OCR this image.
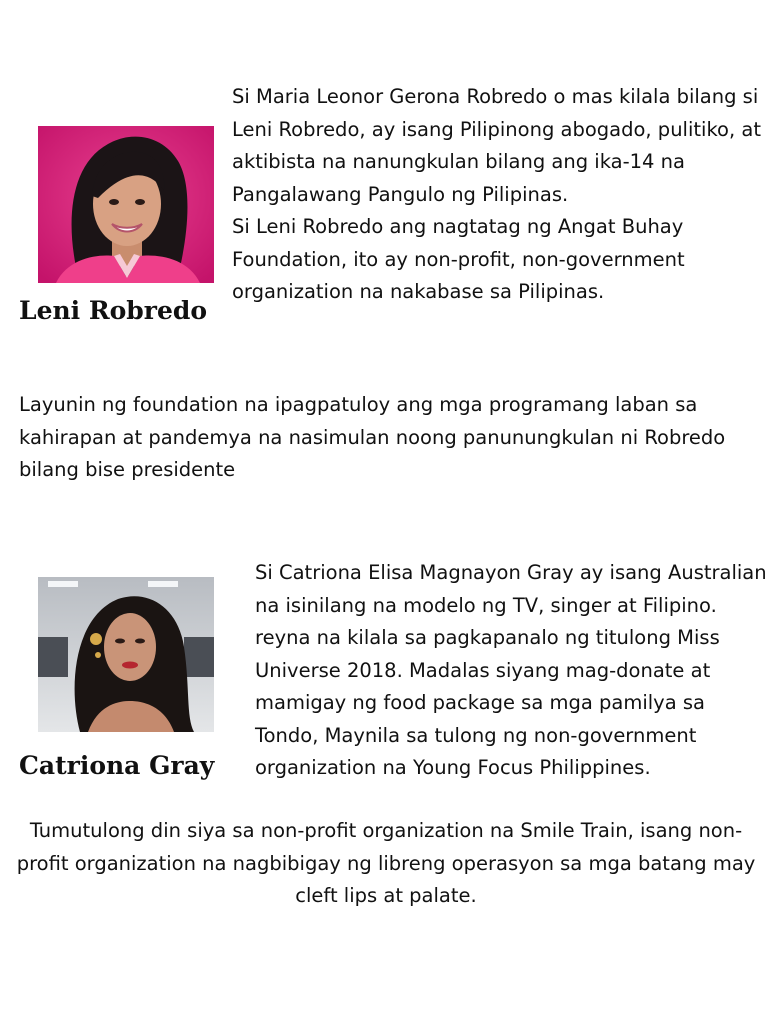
Leni Robredo
Si Maria Leonor Gerona Robredo o mas kilala bilang si Leni Robredo, ay isang Pilipinong abogado, pulitiko, at aktibista na nanungkulan bilang ang ika-14 na Pangalawang Pangulo ng Pilipinas.
Si Leni Robredo ang nagtatag ng Angat Buhay Foundation, ito ay non-profit, non-government organization na nakabase sa Pilipinas.

Layunin ng foundation na ipagpatuloy ang mga programang laban sa kahirapan at pandemya na nasimulan noong panunungkulan ni Robredo bilang bise presidente

Catriona Gray
Si Catriona Elisa Magnayon Gray ay isang Australian na isinilang na modelo ng TV, singer at Filipino. reyna na kilala sa pagkapanalo ng titulong Miss Universe 2018. Madalas siyang mag-donate at mamigay ng food package sa mga pamilya sa Tondo, Maynila sa tulong ng non-government organization na Young Focus Philippines.

Tumutulong din siya sa non-profit organization na Smile Train, isang non-profit organization na nagbibigay ng libreng operasyon sa mga batang may cleft lips at palate.
